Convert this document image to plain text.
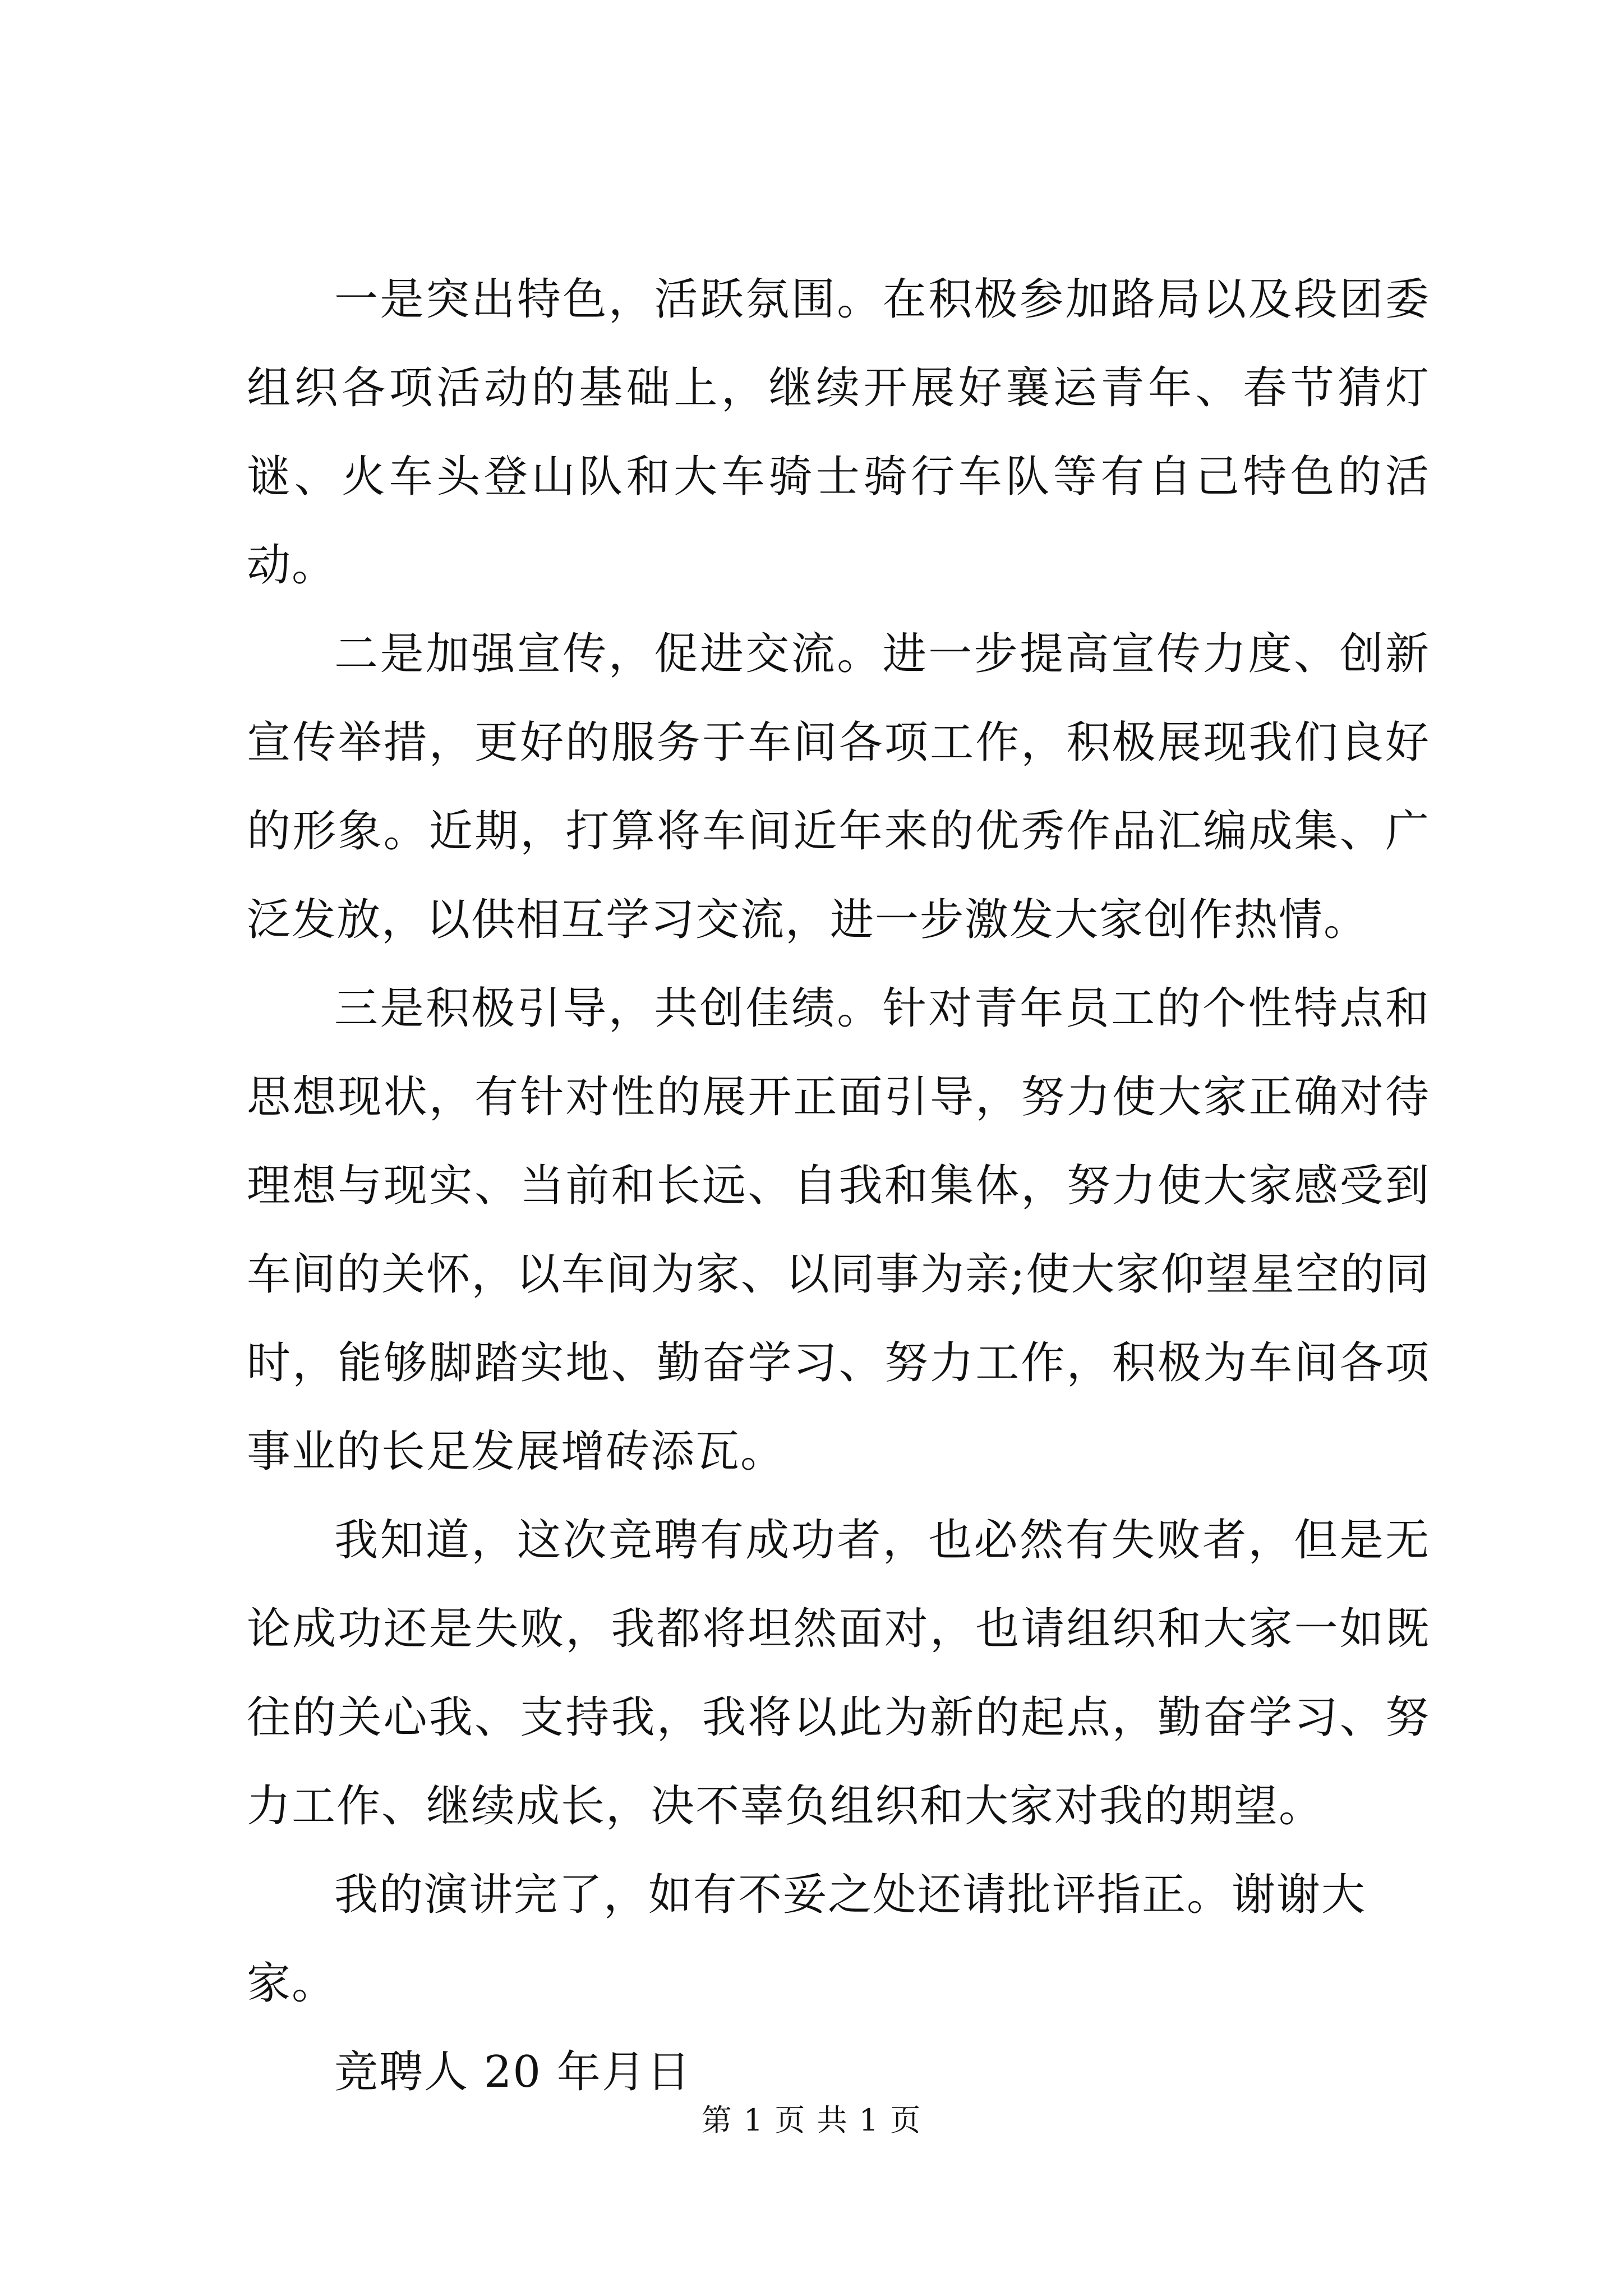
一是突出特色，活跃氛围。在积极参加路局以及段团委组织各项活动的基础上，继续开展好襄运青年、春节猜灯谜、火车头登山队和大车骑士骑行车队等有自己特色的活动。

二是加强宣传，促进交流。进一步提高宣传力度、创新宣传举措，更好的服务于车间各项工作，积极展现我们良好的形象。近期，打算将车间近年来的优秀作品汇编成集、广泛发放，以供相互学习交流，进一步激发大家创作热情。

三是积极引导，共创佳绩。针对青年员工的个性特点和思想现状，有针对性的展开正面引导，努力使大家正确对待理想与现实、当前和长远、自我和集体，努力使大家感受到车间的关怀，以车间为家、以同事为亲;使大家仰望星空的同时，能够脚踏实地、勤奋学习、努力工作，积极为车间各项事业的长足发展增砖添瓦。

我知道，这次竞聘有成功者，也必然有失败者，但是无论成功还是失败，我都将坦然面对，也请组织和大家一如既往的关心我、支持我，我将以此为新的起点，勤奋学习、努力工作、继续成长，决不辜负组织和大家对我的期望。

我的演讲完了，如有不妥之处还请批评指正。谢谢大家。

竞聘人 20 年月日

第 1 页 共 1 页
